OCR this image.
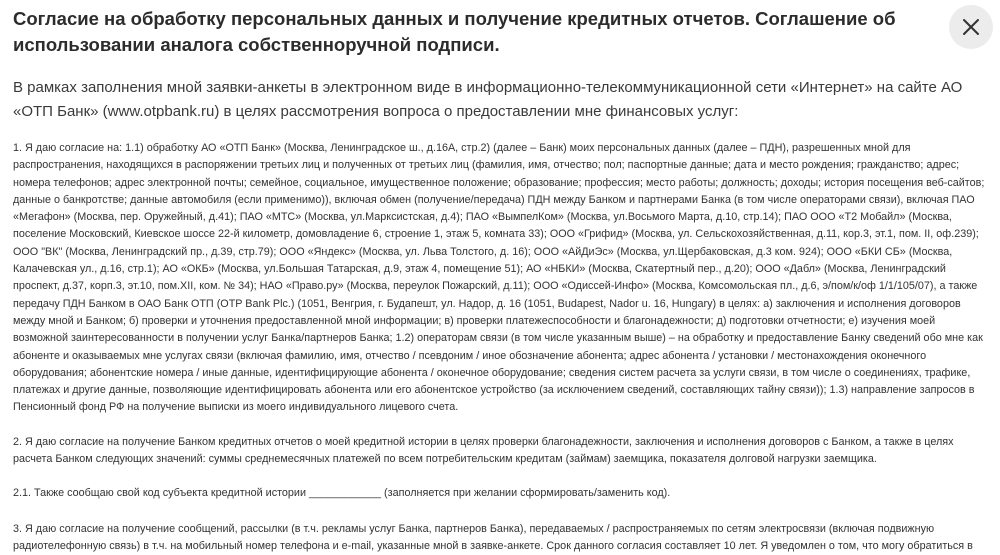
Согласие на обработку персональных данных и получение кредитных отчетов. Соглашение об использовании аналога собственноручной подписи.

В рамках заполнения мной заявки-анкеты в электронном виде в информационно-телекоммуникационной сети «Интернет» на сайте АО «ОТП Банк» (www.otpbank.ru) в целях рассмотрения вопроса о предоставлении мне финансовых услуг:

1. Я даю согласие на: 1.1) обработку АО «ОТП Банк» (Москва, Ленинградское ш., д.16А, стр.2) (далее – Банк) моих персональных данных (далее – ПДН), разрешенных мной для распространения, находящихся в распоряжении третьих лиц и полученных от третьих лиц (фамилия, имя, отчество; пол; паспортные данные; дата и место рождения; гражданство; адрес; номера телефонов; адрес электронной почты; семейное, социальное, имущественное положение; образование; профессия; место работы; должность; доходы; история посещения веб-сайтов; данные о банкротстве; данные автомобиля (если применимо)), включая обмен (получение/передача) ПДН между Банком и партнерами Банка (в том числе операторами связи), включая ПАО «Мегафон» (Москва, пер. Оружейный, д.41); ПАО «МТС» (Москва, ул.Марксистская, д.4); ПАО «ВымпелКом» (Москва, ул.Восьмого Марта, д.10, стр.14); ПАО ООО «Т2 Мобайл» (Москва, поселение Московский, Киевское шоссе 22-й километр, домовладение 6, строение 1, этаж 5, комната 33); ООО «Грифид» (Москва, ул. Сельскохозяйственная, д.11, кор.3, эт.1, пом. II, оф.239); ООО "ВК" (Москва, Ленинградский пр., д.39, стр.79); ООО «Яндекс» (Москва, ул. Льва Толстого, д. 16); ООО «АйДиЭс» (Москва, ул.Щербаковская, д.3 ком. 924); ООО «БКИ СБ» (Москва, Калачевская ул., д.16, стр.1); АО «ОКБ» (Москва, ул.Большая Татарская, д.9, этаж 4, помещение 51); АО «НБКИ» (Москва, Скатертный пер., д.20); ООО «Дабл» (Москва, Ленинградский проспект, д.37, корп.3, эт.10, пом.XII, ком. № 34); НАО «Право.ру» (Москва, переулок Пожарский, д.11); ООО «Одиссей-Инфо» (Москва, Комсомольская пл., д.6, э/пом/к/оф 1/1/105/07), а также передачу ПДН Банком в ОАО Банк ОТП (OTP Bank Plc.) (1051, Венгрия, г. Будапешт, ул. Надор, д. 16 (1051, Budapest, Nador u. 16, Hungary) в целях: а) заключения и исполнения договоров между мной и Банком; б) проверки и уточнения предоставленной мной информации; в) проверки платежеспособности и благонадежности; д) подготовки отчетности; е) изучения моей возможной заинтересованности в получении услуг Банка/партнеров Банка; 1.2) операторам связи (в том числе указанным выше) – на обработку и предоставление Банку сведений обо мне как абоненте и оказываемых мне услугах связи (включая фамилию, имя, отчество / псевдоним / иное обозначение абонента; адрес абонента / установки / местонахождения оконечного оборудования; абонентские номера / иные данные, идентифицирующие абонента / оконечное оборудование; сведения систем расчета за услуги связи, в том числе о соединениях, трафике, платежах и другие данные, позволяющие идентифицировать абонента или его абонентское устройство (за исключением сведений, составляющих тайну связи)); 1.3) направление запросов в Пенсионный фонд РФ на получение выписки из моего индивидуального лицевого счета.

2. Я даю согласие на получение Банком кредитных отчетов о моей кредитной истории в целях проверки благонадежности, заключения и исполнения договоров с Банком, а также в целях расчета Банком следующих значений: суммы среднемесячных платежей по всем потребительским кредитам (займам) заемщика, показателя долговой нагрузки заемщика.

2.1. Также сообщаю свой код субъекта кредитной истории ____________ (заполняется при желании сформировать/заменить код).

3. Я даю согласие на получение сообщений, рассылки (в т.ч. рекламы услуг Банка, партнеров Банка), передаваемых / распространяемых по сетям электросвязи (включая подвижную радиотелефонную связь) в т.ч. на мобильный номер телефона и e-mail, указанные мной в заявке-анкете. Срок данного согласия составляет 10 лет. Я уведомлен о том, что могу обратиться в
